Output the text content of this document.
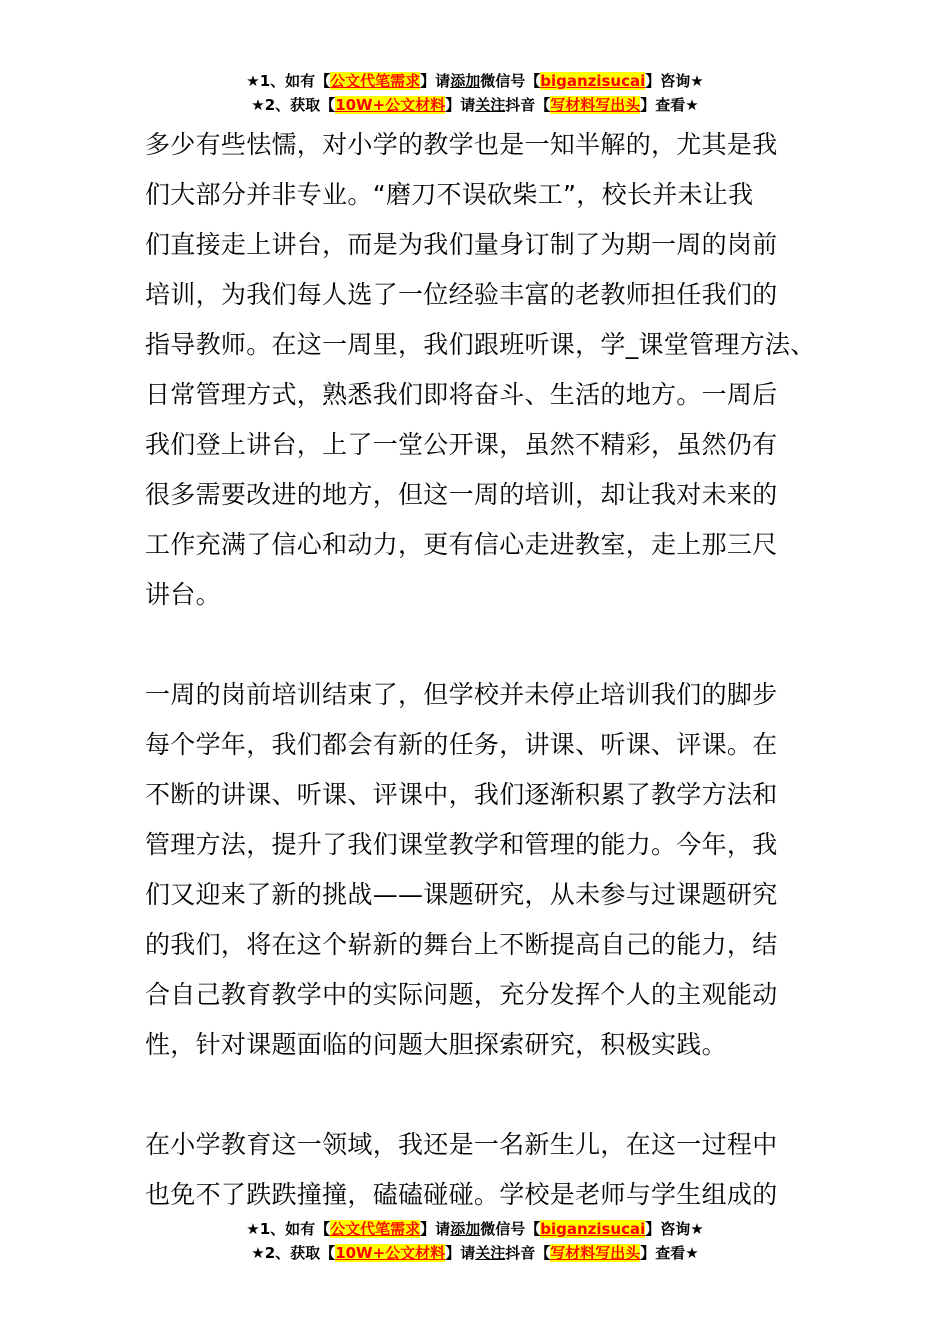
★1、如有【公文代笔需求】请添加微信号【biganzisucai】咨询★
★2、获取【10W+公文材料】请关注抖音【写材料写出头】查看★

多少有些怯懦，对小学的教学也是一知半解的，尤其是我
们大部分并非专业。“磨刀不误砍柴工”，校长并未让我
们直接走上讲台，而是为我们量身订制了为期一周的岗前
培训，为我们每人选了一位经验丰富的老教师担任我们的
指导教师。在这一周里，我们跟班听课，学_课堂管理方法、
日常管理方式，熟悉我们即将奋斗、生活的地方。一周后
我们登上讲台，上了一堂公开课，虽然不精彩，虽然仍有
很多需要改进的地方，但这一周的培训，却让我对未来的
工作充满了信心和动力，更有信心走进教室，走上那三尺
讲台。

一周的岗前培训结束了，但学校并未停止培训我们的脚步
每个学年，我们都会有新的任务，讲课、听课、评课。在
不断的讲课、听课、评课中，我们逐渐积累了教学方法和
管理方法，提升了我们课堂教学和管理的能力。今年，我
们又迎来了新的挑战——课题研究，从未参与过课题研究
的我们，将在这个崭新的舞台上不断提高自己的能力，结
合自己教育教学中的实际问题，充分发挥个人的主观能动
性，针对课题面临的问题大胆探索研究，积极实践。

在小学教育这一领域，我还是一名新生儿，在这一过程中
也免不了跌跌撞撞，磕磕碰碰。学校是老师与学生组成的

★1、如有【公文代笔需求】请添加微信号【biganzisucai】咨询★
★2、获取【10W+公文材料】请关注抖音【写材料写出头】查看★
